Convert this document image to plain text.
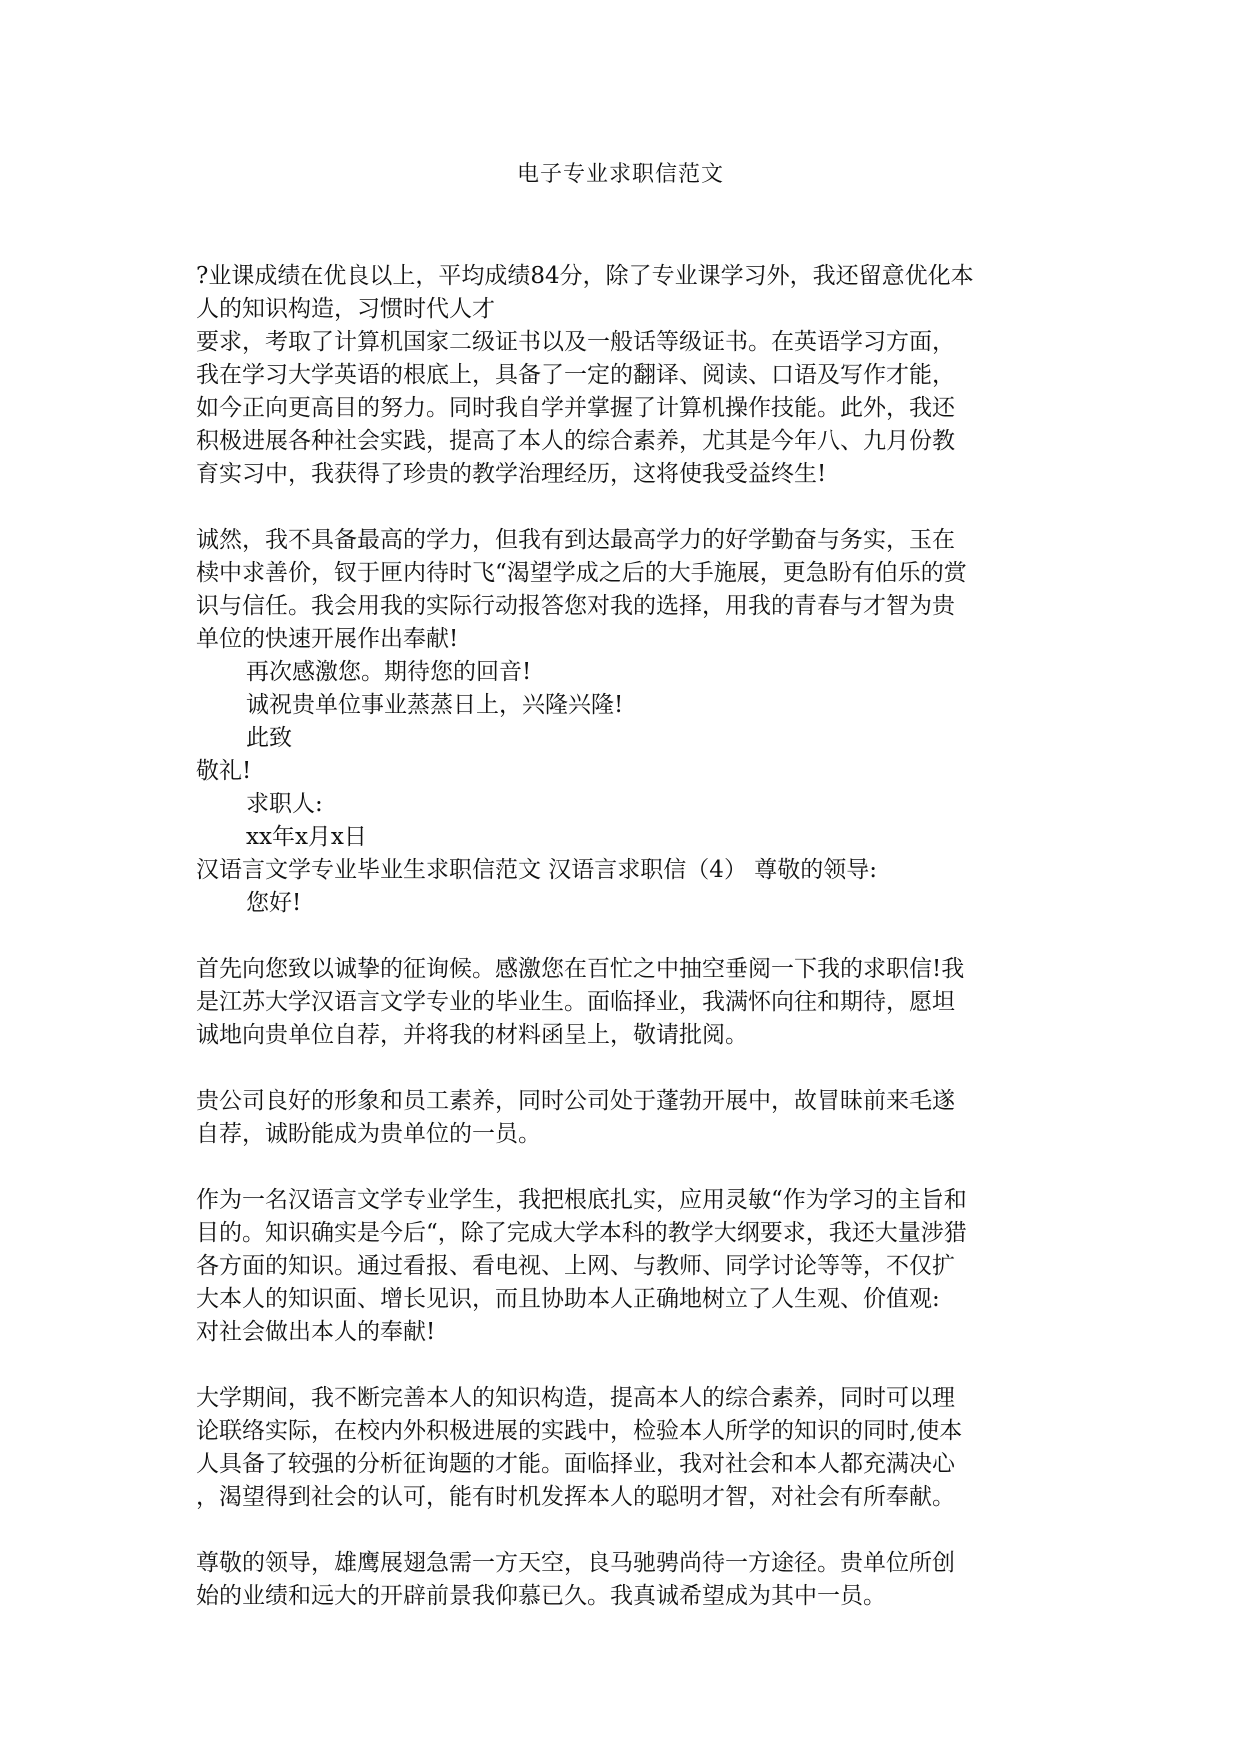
电子专业求职信范文
?业课成绩在优良以上，平均成绩84分，除了专业课学习外，我还留意优化本
人的知识构造，习惯时代人才
要求，考取了计算机国家二级证书以及一般话等级证书。在英语学习方面，
我在学习大学英语的根底上，具备了一定的翻译、阅读、口语及写作才能，
如今正向更高目的努力。同时我自学并掌握了计算机操作技能。此外，我还
积极进展各种社会实践，提高了本人的综合素养，尤其是今年八、九月份教
育实习中，我获得了珍贵的教学治理经历，这将使我受益终生!
诚然，我不具备最高的学力，但我有到达最高学力的好学勤奋与务实，玉在
椟中求善价，钗于匣内待时飞“渴望学成之后的大手施展，更急盼有伯乐的赏
识与信任。我会用我的实际行动报答您对我的选择，用我的青春与才智为贵
单位的快速开展作出奉献!
再次感激您。期待您的回音!
诚祝贵单位事业蒸蒸日上，兴隆兴隆!
此致
敬礼!
求职人:
xx年x月x日
汉语言文学专业毕业生求职信范文 汉语言求职信（4） 尊敬的领导:
您好!
首先向您致以诚挚的征询候。感激您在百忙之中抽空垂阅一下我的求职信!我
是江苏大学汉语言文学专业的毕业生。面临择业，我满怀向往和期待，愿坦
诚地向贵单位自荐，并将我的材料函呈上，敬请批阅。
贵公司良好的形象和员工素养，同时公司处于蓬勃开展中，故冒昧前来毛遂
自荐，诚盼能成为贵单位的一员。
作为一名汉语言文学专业学生，我把根底扎实，应用灵敏“作为学习的主旨和
目的。知识确实是今后“，除了完成大学本科的教学大纲要求，我还大量涉猎
各方面的知识。通过看报、看电视、上网、与教师、同学讨论等等，不仅扩
大本人的知识面、增长见识，而且协助本人正确地树立了人生观、价值观:
对社会做出本人的奉献!
大学期间，我不断完善本人的知识构造，提高本人的综合素养，同时可以理
论联络实际，在校内外积极进展的实践中，检验本人所学的知识的同时,使本
人具备了较强的分析征询题的才能。面临择业，我对社会和本人都充满决心
，渴望得到社会的认可，能有时机发挥本人的聪明才智，对社会有所奉献。
尊敬的领导，雄鹰展翅急需一方天空，良马驰骋尚待一方途径。贵单位所创
始的业绩和远大的开辟前景我仰慕已久。我真诚希望成为其中一员。
